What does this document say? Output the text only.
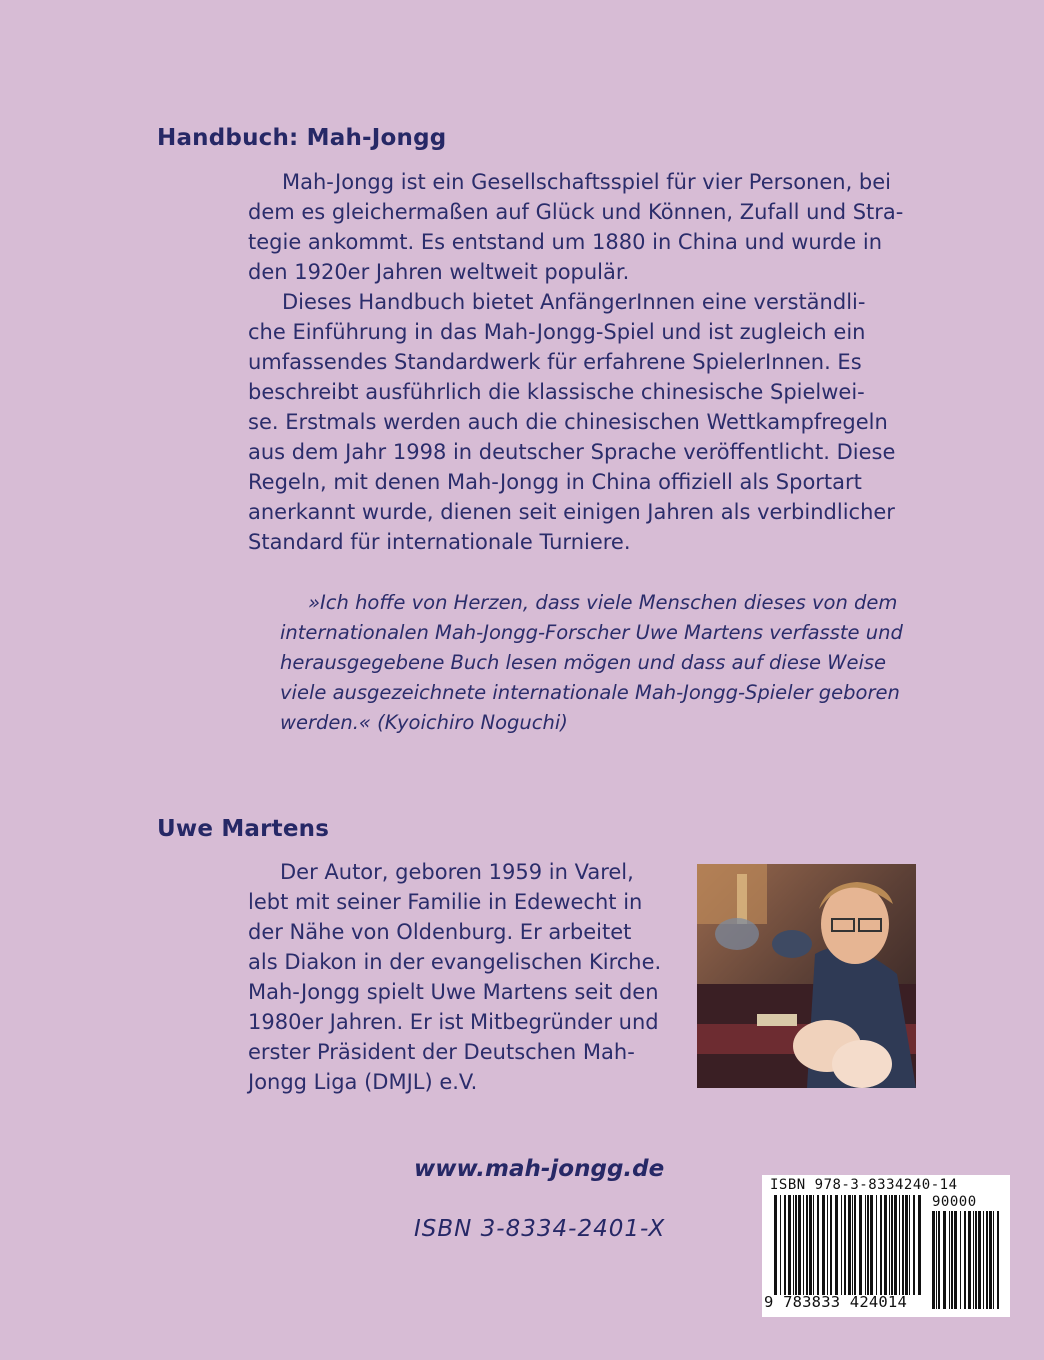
Handbuch: Mah-Jongg
Mah-Jongg ist ein Gesellschaftsspiel für vier Personen, bei
dem es gleichermaßen auf Glück und Können, Zufall und Stra-
tegie ankommt. Es entstand um 1880 in China und wurde in
den 1920er Jahren weltweit populär.
Dieses Handbuch bietet AnfängerInnen eine verständli-
che Einführung in das Mah-Jongg-Spiel und ist zugleich ein
umfassendes Standardwerk für erfahrene SpielerInnen. Es
beschreibt ausführlich die klassische chinesische Spielwei-
se. Erstmals werden auch die chinesischen Wettkampfregeln
aus dem Jahr 1998 in deutscher Sprache veröffentlicht. Diese
Regeln, mit denen Mah-Jongg in China offiziell als Sportart
anerkannt wurde, dienen seit einigen Jahren als verbindlicher
Standard für internationale Turniere.
»Ich hoffe von Herzen, dass viele Menschen dieses von dem
internationalen Mah-Jongg-Forscher Uwe Martens verfasste und
herausgegebene Buch lesen mögen und dass auf diese Weise
viele ausgezeichnete internationale Mah-Jongg-Spieler geboren
werden.« (Kyoichiro Noguchi)
Uwe Martens
Der Autor, geboren 1959 in Varel,
lebt mit seiner Familie in Edewecht in
der Nähe von Oldenburg. Er arbeitet
als Diakon in der evangelischen Kirche.
Mah-Jongg spielt Uwe Martens seit den
1980er Jahren. Er ist Mitbegründer und
erster Präsident der Deutschen Mah-
Jongg Liga (DMJL) e.V.
www.mah-jongg.de
ISBN 3-8334-2401-X
ISBN 978-3-8334240-14
90000
9 783833 424014
